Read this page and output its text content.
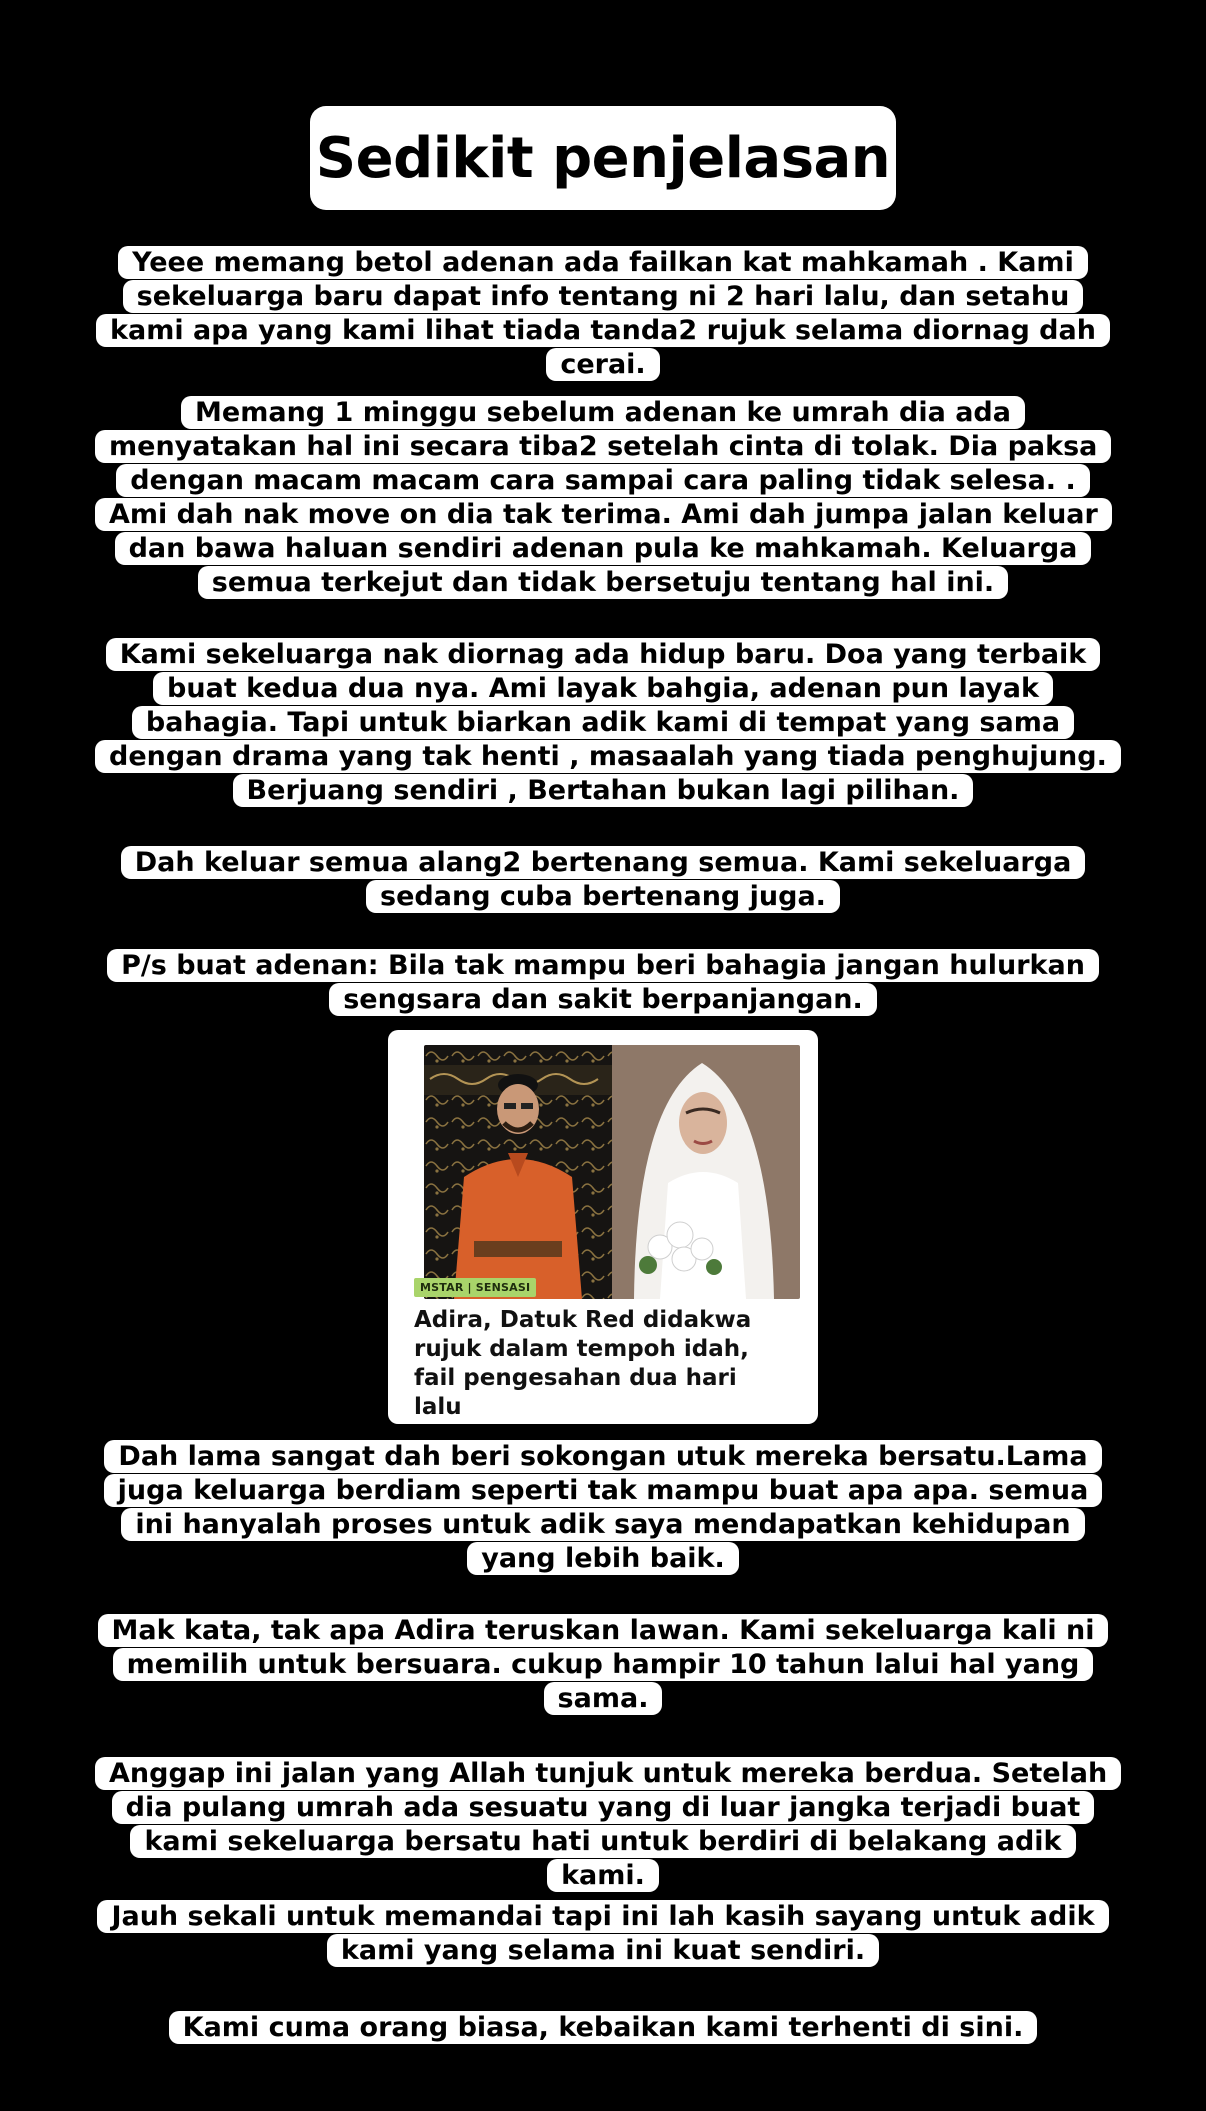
Sedikit penjelasan
Yeee memang betol adenan ada failkan kat mahkamah . Kami sekeluarga baru dapat info tentang ni 2 hari lalu, dan setahu kami apa yang kami lihat tiada tanda2 rujuk selama diornag dah cerai.
Memang 1 minggu sebelum adenan ke umrah dia ada menyatakan hal ini secara tiba2 setelah cinta di tolak. Dia paksa dengan macam macam cara sampai cara paling tidak selesa. . Ami dah nak move on dia tak terima. Ami dah jumpa jalan keluar dan bawa haluan sendiri adenan pula ke mahkamah. Keluarga semua terkejut dan tidak bersetuju tentang hal ini.
Kami sekeluarga nak diornag ada hidup baru. Doa yang terbaik buat kedua dua nya. Ami layak bahgia, adenan pun layak bahagia. Tapi untuk biarkan adik kami di tempat yang sama dengan drama yang tak henti , masaalah yang tiada penghujung. Berjuang sendiri , Bertahan bukan lagi pilihan.
Dah keluar semua alang2 bertenang semua. Kami sekeluarga sedang cuba bertenang juga.
P/s buat adenan: Bila tak mampu beri bahagia jangan hulurkan sengsara dan sakit berpanjangan.
MSTAR | SENSASI
Adira, Datuk Red didakwa rujuk dalam tempoh idah, fail pengesahan dua hari lalu
Dah lama sangat dah beri sokongan utuk mereka bersatu.Lama juga keluarga berdiam seperti tak mampu buat apa apa. semua ini hanyalah proses untuk adik saya mendapatkan kehidupan yang lebih baik.
Mak kata, tak apa Adira teruskan lawan. Kami sekeluarga kali ni memilih untuk bersuara. cukup hampir 10 tahun lalui hal yang sama.
Anggap ini jalan yang Allah tunjuk untuk mereka berdua. Setelah dia pulang umrah ada sesuatu yang di luar jangka terjadi buat kami sekeluarga bersatu hati untuk berdiri di belakang adik kami.
Jauh sekali untuk memandai tapi ini lah kasih sayang untuk adik kami yang selama ini kuat sendiri.
Kami cuma orang biasa, kebaikan kami terhenti di sini.
